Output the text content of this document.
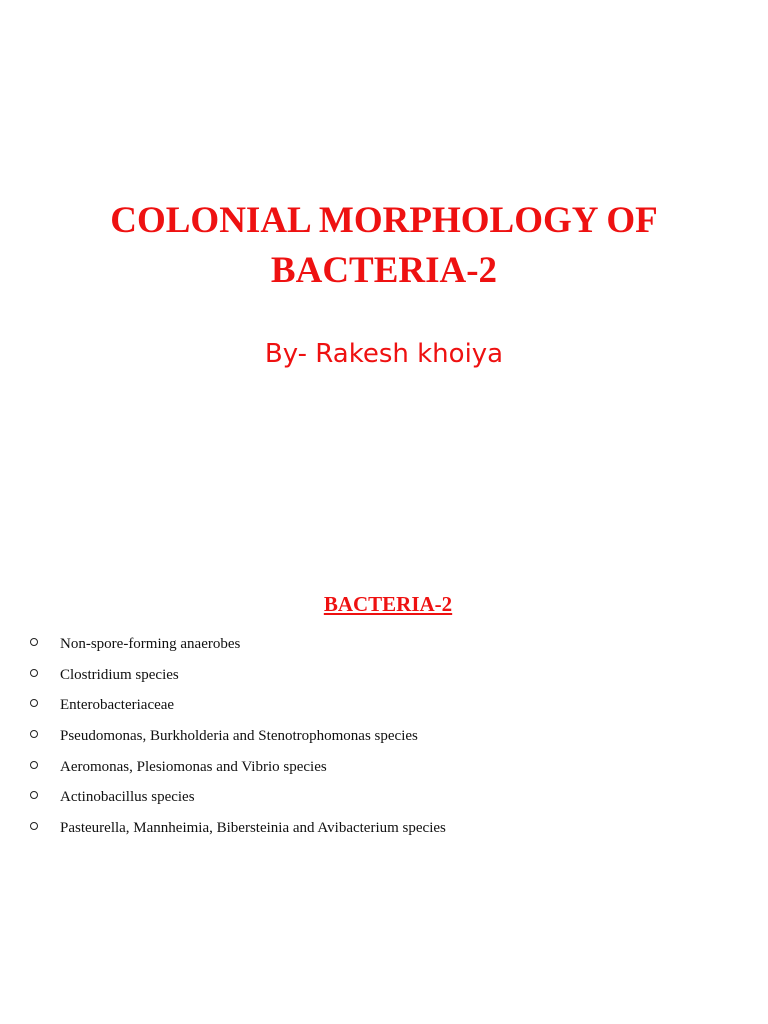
COLONIAL MORPHOLOGY OF
BACTERIA-2

By- Rakesh khoiya

BACTERIA-2
Non-spore-forming anaerobes
Clostridium species
Enterobacteriaceae
Pseudomonas, Burkholderia and Stenotrophomonas species
Aeromonas, Plesiomonas and Vibrio species
Actinobacillus species
Pasteurella, Mannheimia, Bibersteinia and Avibacterium species
